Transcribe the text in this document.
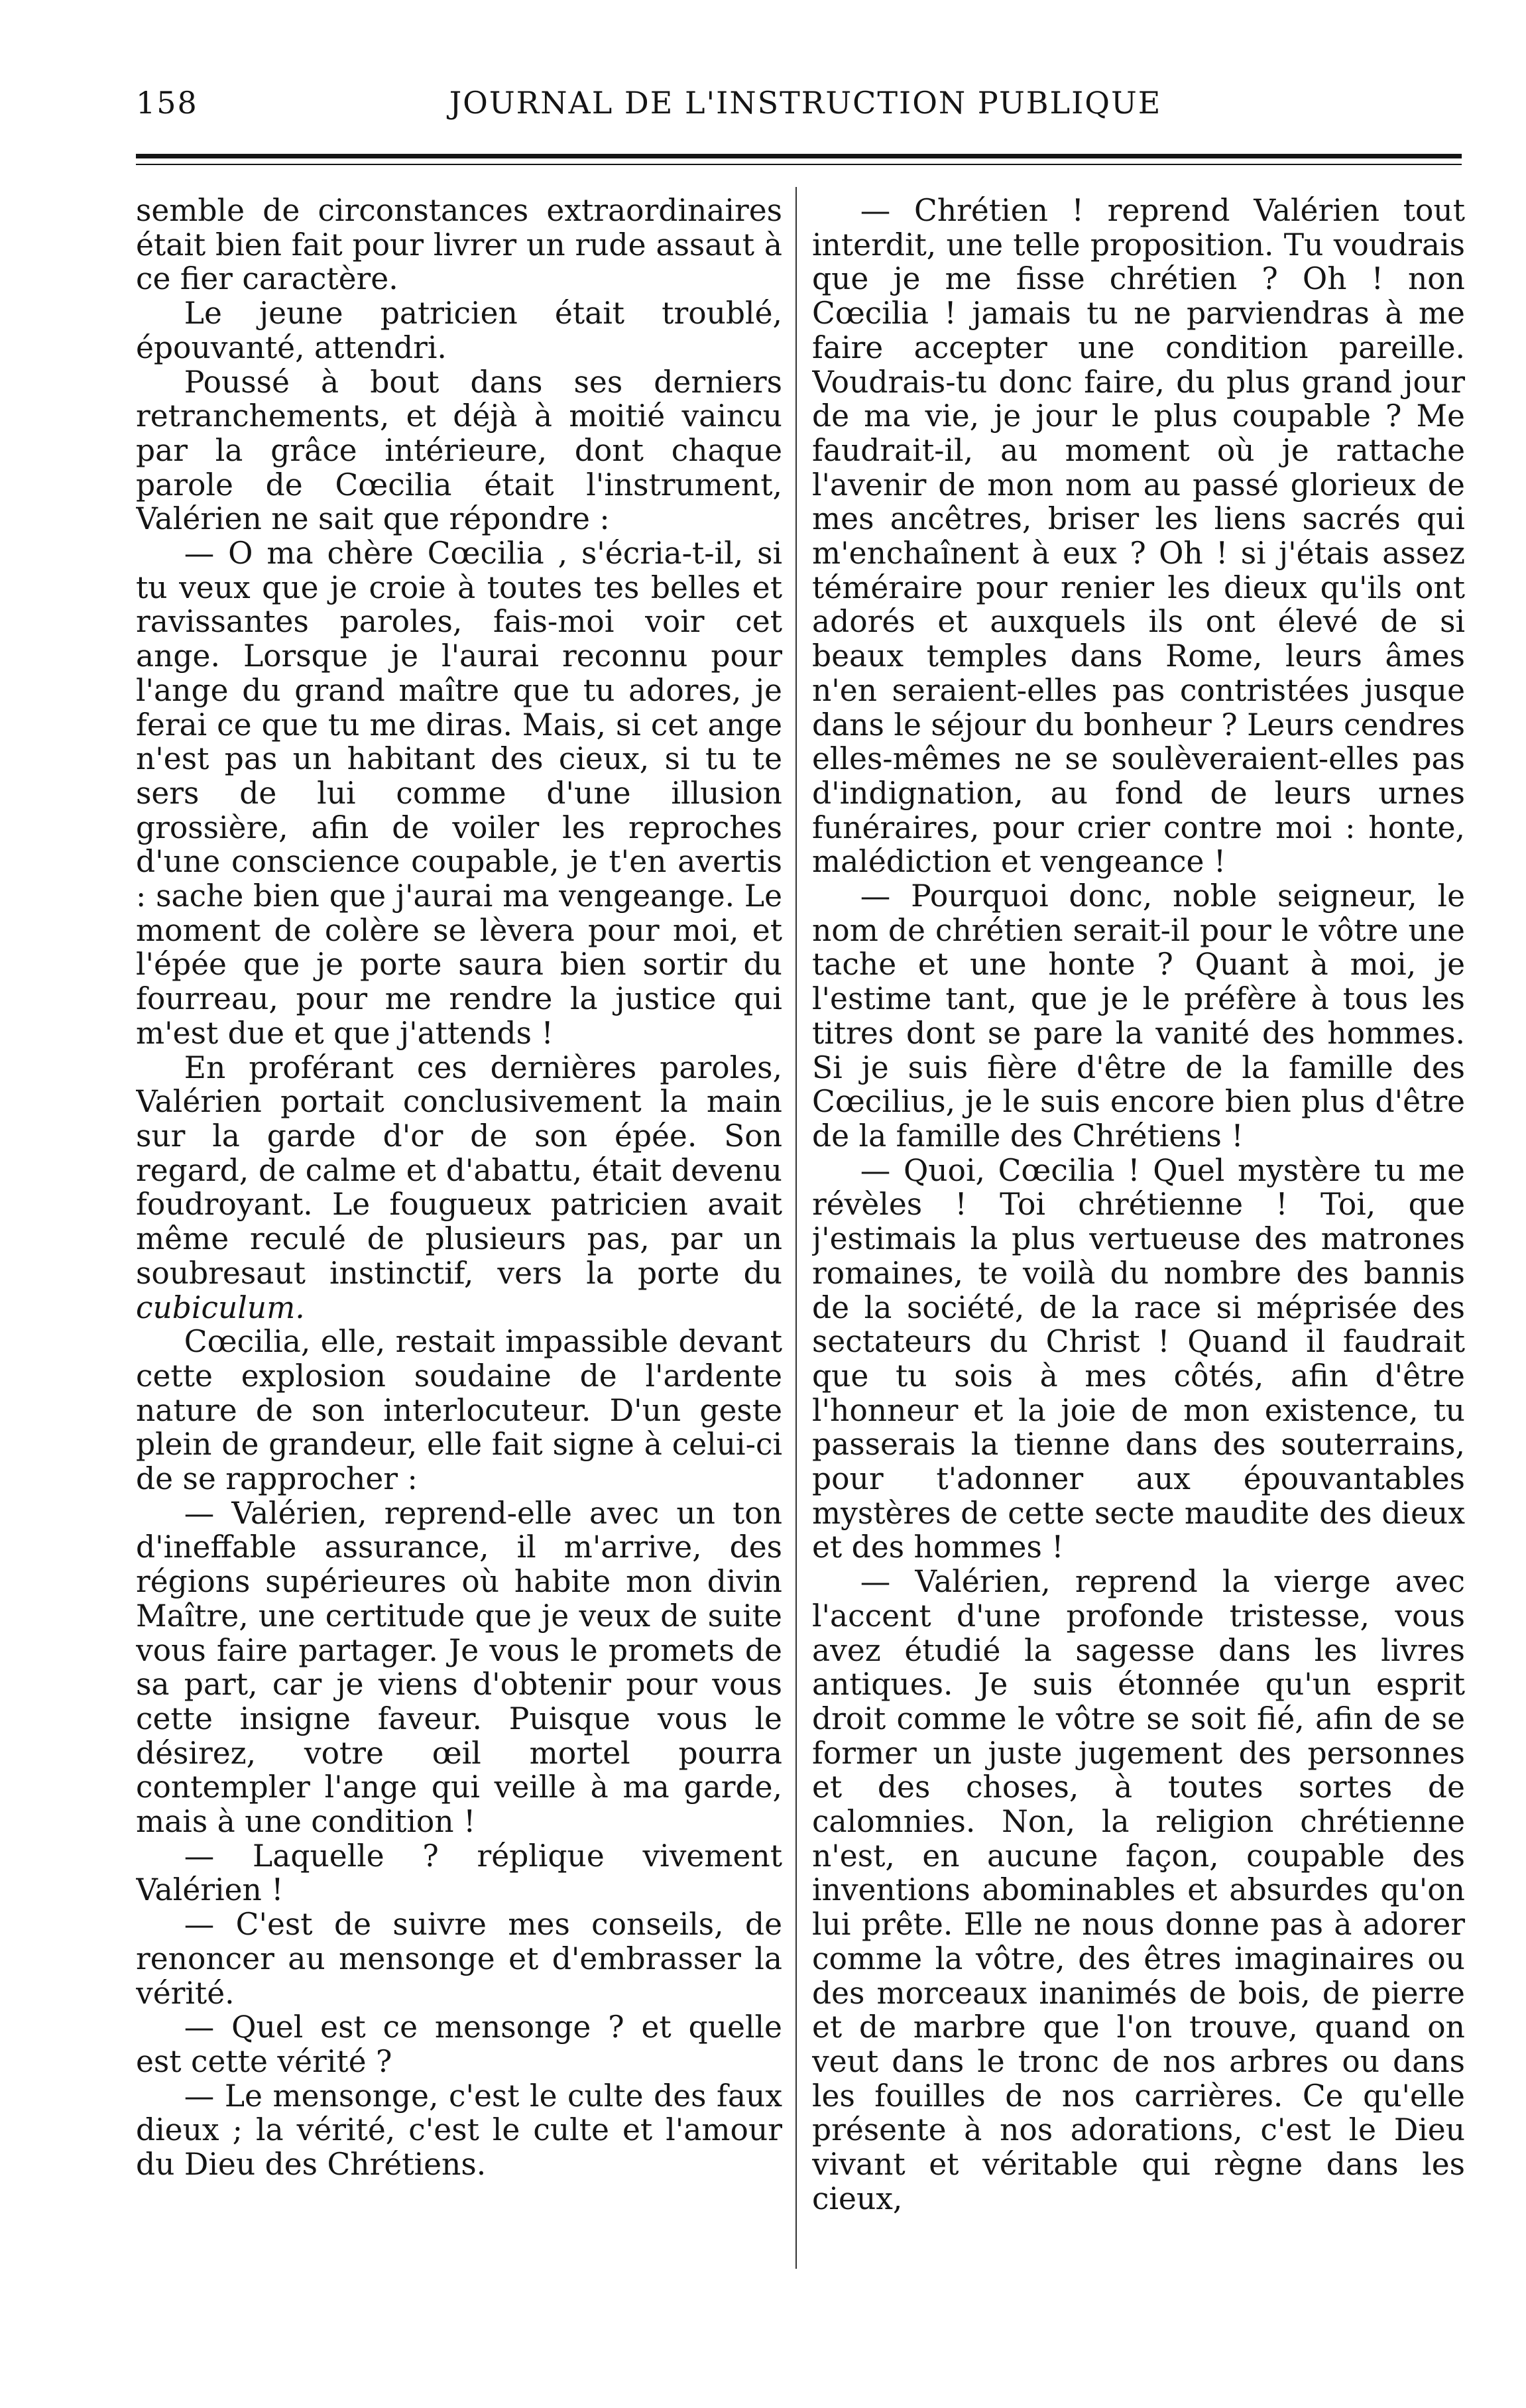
158	JOURNAL DE L'INSTRUCTION PUBLIQUE

semble de circonstances extraordinaires était bien fait pour livrer un rude assaut à ce fier caractère.

Le jeune patricien était troublé, épouvanté, attendri.

Poussé à bout dans ses derniers retranchements, et déjà à moitié vaincu par la grâce intérieure, dont chaque parole de Cœcilia était l'instrument, Valérien ne sait que répondre :

— O ma chère Cœcilia , s'écria-t-il, si tu veux que je croie à toutes tes belles et ravissantes paroles, fais-moi voir cet ange. Lorsque je l'aurai reconnu pour l'ange du grand maître que tu adores, je ferai ce que tu me diras. Mais, si cet ange n'est pas un habitant des cieux, si tu te sers de lui comme d'une illusion grossière, afin de voiler les reproches d'une conscience coupable, je t'en avertis : sache bien que j'aurai ma vengeange. Le moment de colère se lèvera pour moi, et l'épée que je porte saura bien sortir du fourreau, pour me rendre la justice qui m'est due et que j'attends !

En proférant ces dernières paroles, Valérien portait conclusivement la main sur la garde d'or de son épée. Son regard, de calme et d'abattu, était devenu foudroyant. Le fougueux patricien avait même reculé de plusieurs pas, par un soubresaut instinctif, vers la porte du cubiculum.

Cœcilia, elle, restait impassible devant cette explosion soudaine de l'ardente nature de son interlocuteur. D'un geste plein de grandeur, elle fait signe à celui-ci de se rapprocher :

— Valérien, reprend-elle avec un ton d'ineffable assurance, il m'arrive, des régions supérieures où habite mon divin Maître, une certitude que je veux de suite vous faire partager. Je vous le promets de sa part, car je viens d'obtenir pour vous cette insigne faveur. Puisque vous le désirez, votre œil mortel pourra contempler l'ange qui veille à ma garde, mais à une condition !

— Laquelle ? réplique vivement Valérien !

— C'est de suivre mes conseils, de renoncer au mensonge et d'embrasser la vérité.

— Quel est ce mensonge ? et quelle est cette vérité ?

— Le mensonge, c'est le culte des faux dieux ; la vérité, c'est le culte et l'amour du Dieu des Chrétiens.

— Chrétien ! reprend Valérien tout interdit, une telle proposition. Tu voudrais que je me fisse chrétien ? Oh ! non Cœcilia ! jamais tu ne parviendras à me faire accepter une condition pareille. Voudrais-tu donc faire, du plus grand jour de ma vie, je jour le plus coupable ? Me faudrait-il, au moment où je rattache l'avenir de mon nom au passé glorieux de mes ancêtres, briser les liens sacrés qui m'enchaînent à eux ? Oh ! si j'étais assez téméraire pour renier les dieux qu'ils ont adorés et auxquels ils ont élevé de si beaux temples dans Rome, leurs âmes n'en seraient-elles pas contristées jusque dans le séjour du bonheur ? Leurs cendres elles-mêmes ne se soulèveraient-elles pas d'indignation, au fond de leurs urnes funéraires, pour crier contre moi : honte, malédiction et vengeance !

— Pourquoi donc, noble seigneur, le nom de chrétien serait-il pour le vôtre une tache et une honte ? Quant à moi, je l'estime tant, que je le préfère à tous les titres dont se pare la vanité des hommes. Si je suis fière d'être de la famille des Cœcilius, je le suis encore bien plus d'être de la famille des Chrétiens !

— Quoi, Cœcilia ! Quel mystère tu me révèles ! Toi chrétienne ! Toi, que j'estimais la plus vertueuse des matrones romaines, te voilà du nombre des bannis de la société, de la race si méprisée des sectateurs du Christ ! Quand il faudrait que tu sois à mes côtés, afin d'être l'honneur et la joie de mon existence, tu passerais la tienne dans des souterrains, pour t'adonner aux épouvantables mystères de cette secte maudite des dieux et des hommes !

— Valérien, reprend la vierge avec l'accent d'une profonde tristesse, vous avez étudié la sagesse dans les livres antiques. Je suis étonnée qu'un esprit droit comme le vôtre se soit fié, afin de se former un juste jugement des personnes et des choses, à toutes sortes de calomnies. Non, la religion chrétienne n'est, en aucune façon, coupable des inventions abominables et absurdes qu'on lui prête. Elle ne nous donne pas à adorer comme la vôtre, des êtres imaginaires ou des morceaux inanimés de bois, de pierre et de marbre que l'on trouve, quand on veut dans le tronc de nos arbres ou dans les fouilles de nos carrières. Ce qu'elle présente à nos adorations, c'est le Dieu vivant et véritable qui règne dans les cieux,
